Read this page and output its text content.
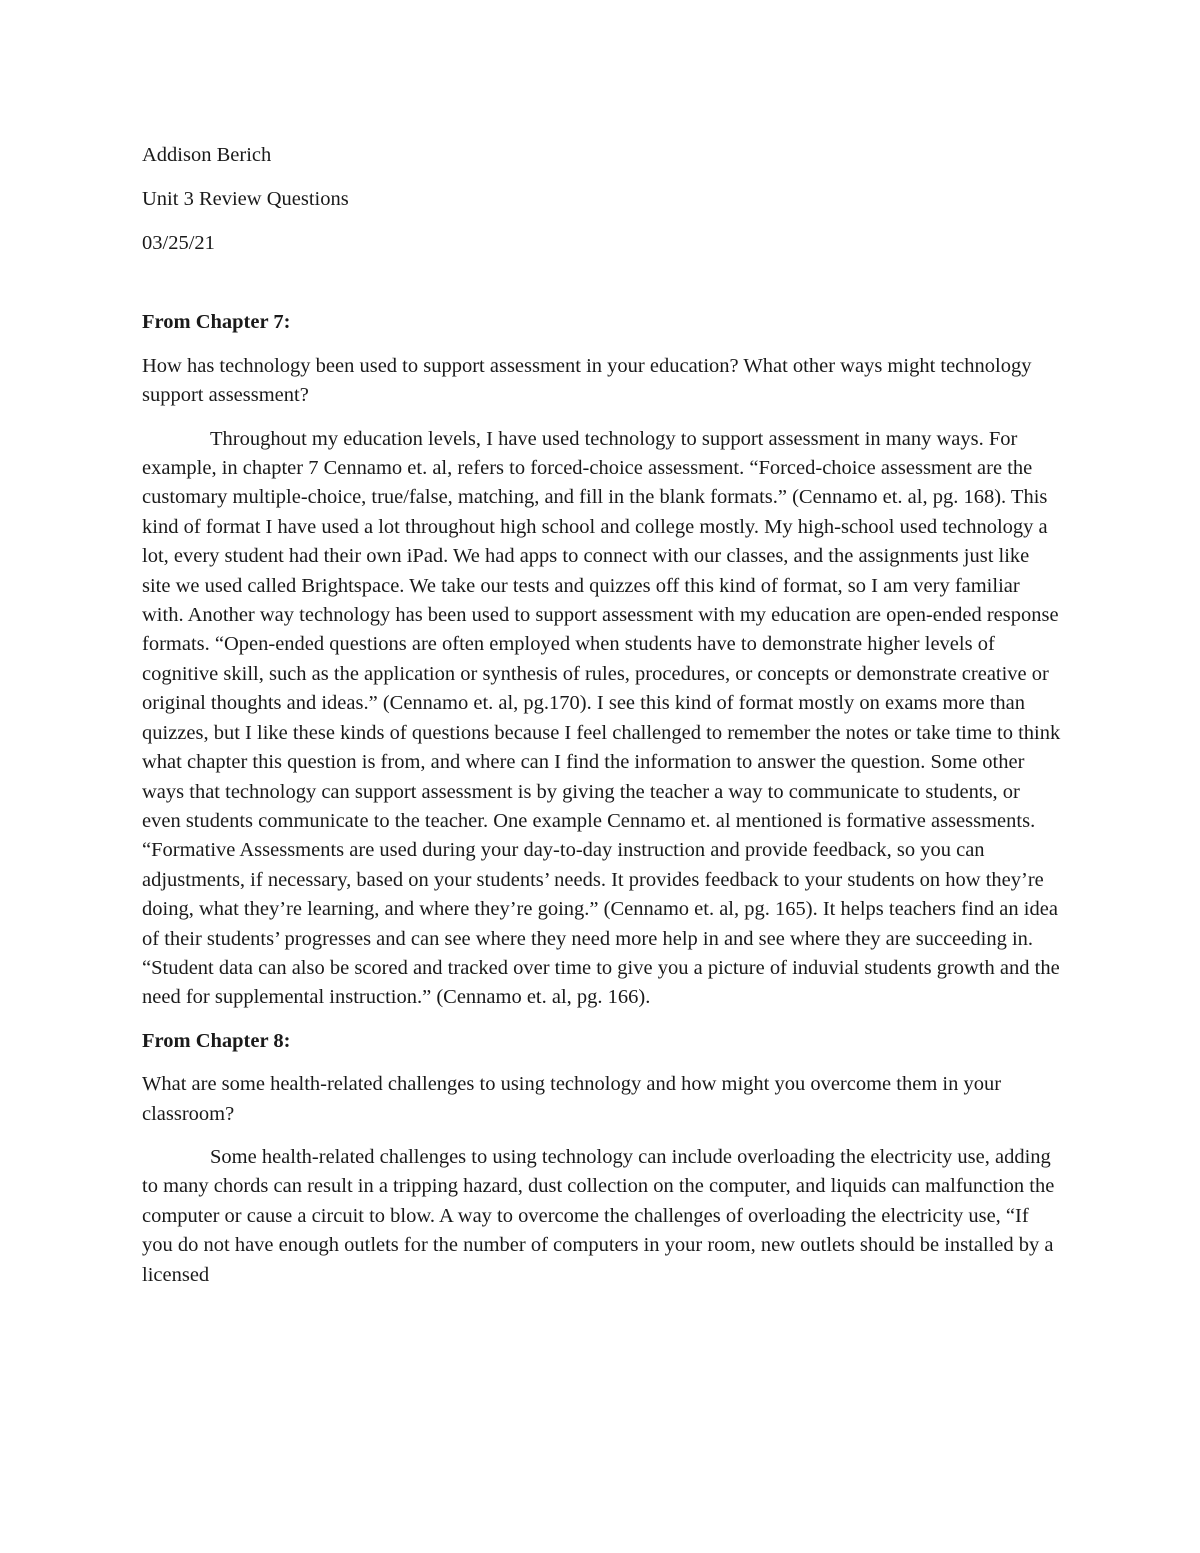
Addison Berich

Unit 3 Review Questions

03/25/21

From Chapter 7:

How has technology been used to support assessment in your education? What other ways might technology support assessment?

Throughout my education levels, I have used technology to support assessment in many ways. For example, in chapter 7 Cennamo et. al, refers to forced-choice assessment. “Forced-choice assessment are the customary multiple-choice, true/false, matching, and fill in the blank formats.” (Cennamo et. al, pg. 168). This kind of format I have used a lot throughout high school and college mostly. My high-school used technology a lot, every student had their own iPad. We had apps to connect with our classes, and the assignments just like site we used called Brightspace. We take our tests and quizzes off this kind of format, so I am very familiar with. Another way technology has been used to support assessment with my education are open-ended response formats. “Open-ended questions are often employed when students have to demonstrate higher levels of cognitive skill, such as the application or synthesis of rules, procedures, or concepts or demonstrate creative or original thoughts and ideas.” (Cennamo et. al, pg.170). I see this kind of format mostly on exams more than quizzes, but I like these kinds of questions because I feel challenged to remember the notes or take time to think what chapter this question is from, and where can I find the information to answer the question. Some other ways that technology can support assessment is by giving the teacher a way to communicate to students, or even students communicate to the teacher. One example Cennamo et. al mentioned is formative assessments. “Formative Assessments are used during your day-to-day instruction and provide feedback, so you can adjustments, if necessary, based on your students’ needs. It provides feedback to your students on how they’re doing, what they’re learning, and where they’re going.” (Cennamo et. al, pg. 165). It helps teachers find an idea of their students’ progresses and can see where they need more help in and see where they are succeeding in. “Student data can also be scored and tracked over time to give you a picture of induvial students growth and the need for supplemental instruction.” (Cennamo et. al, pg. 166).

From Chapter 8:

What are some health-related challenges to using technology and how might you overcome them in your classroom?

Some health-related challenges to using technology can include overloading the electricity use, adding to many chords can result in a tripping hazard, dust collection on the computer, and liquids can malfunction the computer or cause a circuit to blow. A way to overcome the challenges of overloading the electricity use, “If you do not have enough outlets for the number of computers in your room, new outlets should be installed by a licensed
